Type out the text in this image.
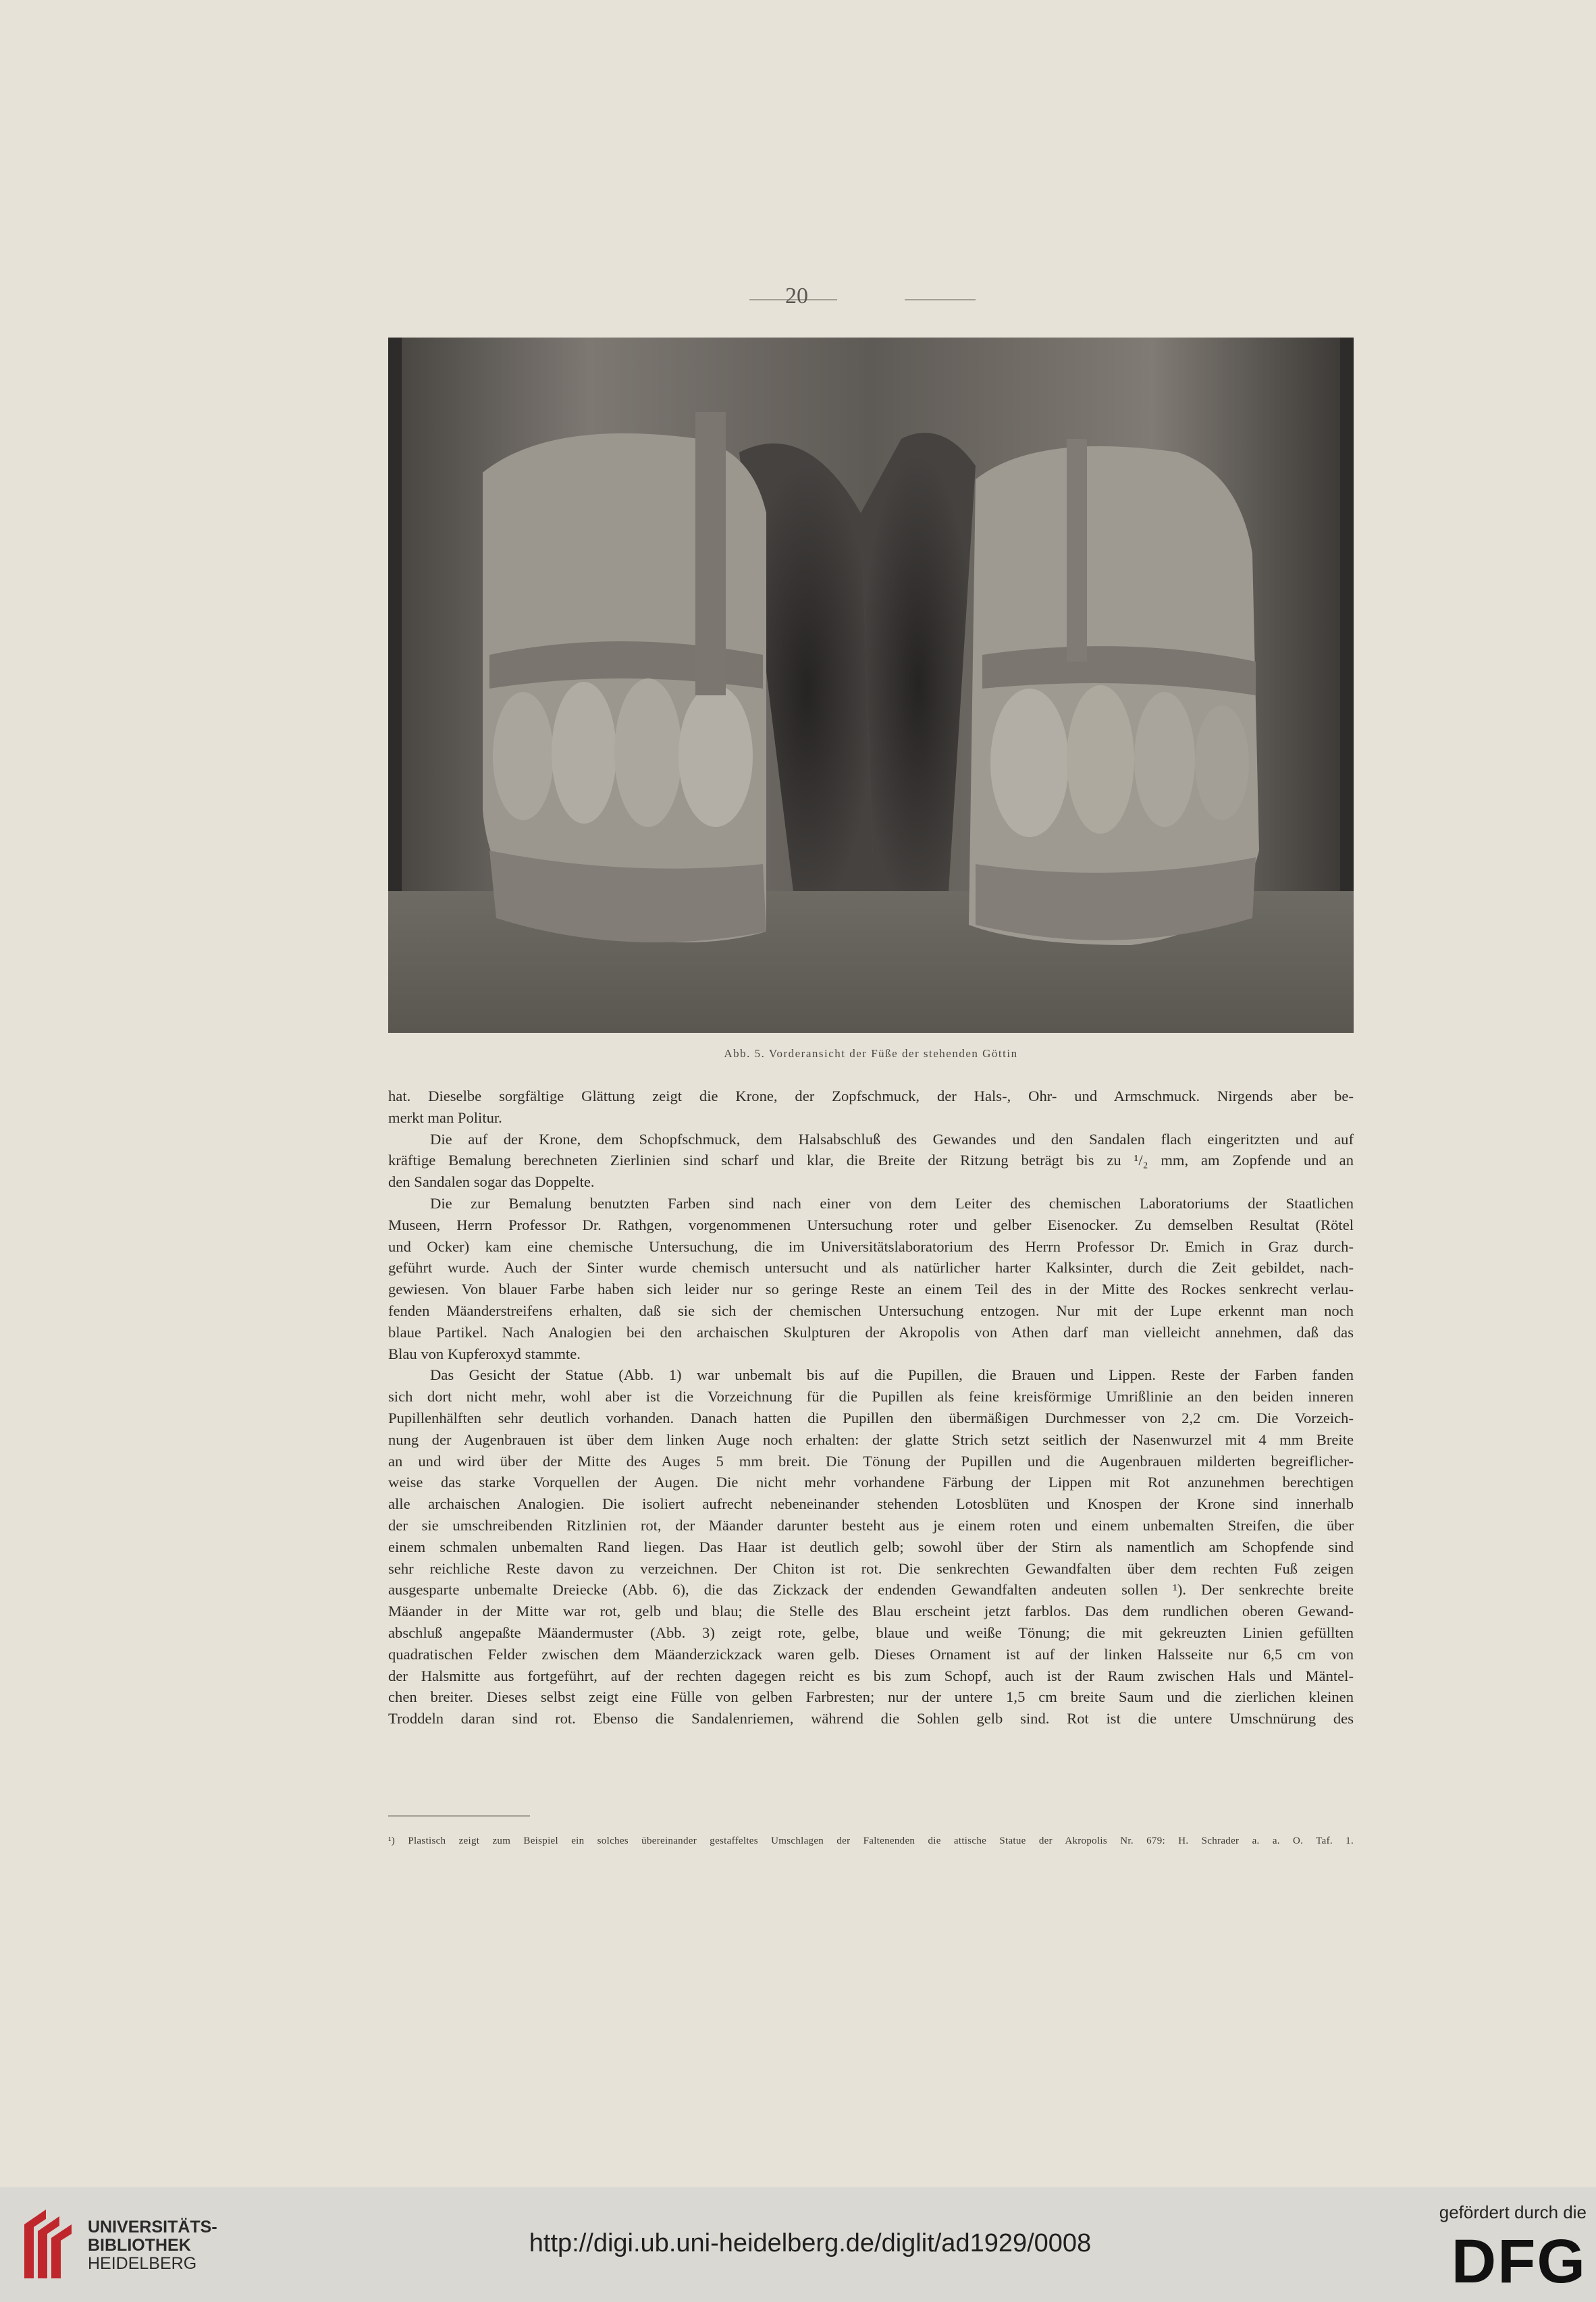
20
Abb. 5. Vorderansicht der Füße der stehenden Göttin
hat. Dieselbe sorgfältige Glättung zeigt die Krone, der Zopfschmuck, der Hals-, Ohr- und Armschmuck. Nirgends aber be-
merkt man Politur.
Die auf der Krone, dem Schopfschmuck, dem Halsabschluß des Gewandes und den Sandalen flach eingeritzten und auf
kräftige Bemalung berechneten Zierlinien sind scharf und klar, die Breite der Ritzung beträgt bis zu ¹/₂ mm, am Zopfende und an
den Sandalen sogar das Doppelte.
Die zur Bemalung benutzten Farben sind nach einer von dem Leiter des chemischen Laboratoriums der Staatlichen
Museen, Herrn Professor Dr. Rathgen, vorgenommenen Untersuchung roter und gelber Eisenocker. Zu demselben Resultat (Rötel
und Ocker) kam eine chemische Untersuchung, die im Universitätslaboratorium des Herrn Professor Dr. Emich in Graz durch-
geführt wurde. Auch der Sinter wurde chemisch untersucht und als natürlicher harter Kalksinter, durch die Zeit gebildet, nach-
gewiesen. Von blauer Farbe haben sich leider nur so geringe Reste an einem Teil des in der Mitte des Rockes senkrecht verlau-
fenden Mäanderstreifens erhalten, daß sie sich der chemischen Untersuchung entzogen. Nur mit der Lupe erkennt man noch
blaue Partikel. Nach Analogien bei den archaischen Skulpturen der Akropolis von Athen darf man vielleicht annehmen, daß das
Blau von Kupferoxyd stammte.
Das Gesicht der Statue (Abb. 1) war unbemalt bis auf die Pupillen, die Brauen und Lippen. Reste der Farben fanden
sich dort nicht mehr, wohl aber ist die Vorzeichnung für die Pupillen als feine kreisförmige Umrißlinie an den beiden inneren
Pupillenhälften sehr deutlich vorhanden. Danach hatten die Pupillen den übermäßigen Durchmesser von 2,2 cm. Die Vorzeich-
nung der Augenbrauen ist über dem linken Auge noch erhalten: der glatte Strich setzt seitlich der Nasenwurzel mit 4 mm Breite
an und wird über der Mitte des Auges 5 mm breit. Die Tönung der Pupillen und die Augenbrauen milderten begreiflicher-
weise das starke Vorquellen der Augen. Die nicht mehr vorhandene Färbung der Lippen mit Rot anzunehmen berechtigen
alle archaischen Analogien. Die isoliert aufrecht nebeneinander stehenden Lotosblüten und Knospen der Krone sind innerhalb
der sie umschreibenden Ritzlinien rot, der Mäander darunter besteht aus je einem roten und einem unbemalten Streifen, die über
einem schmalen unbemalten Rand liegen. Das Haar ist deutlich gelb; sowohl über der Stirn als namentlich am Schopfende sind
sehr reichliche Reste davon zu verzeichnen. Der Chiton ist rot. Die senkrechten Gewandfalten über dem rechten Fuß zeigen
ausgesparte unbemalte Dreiecke (Abb. 6), die das Zickzack der endenden Gewandfalten andeuten sollen ¹). Der senkrechte breite
Mäander in der Mitte war rot, gelb und blau; die Stelle des Blau erscheint jetzt farblos. Das dem rundlichen oberen Gewand-
abschluß angepaßte Mäandermuster (Abb. 3) zeigt rote, gelbe, blaue und weiße Tönung; die mit gekreuzten Linien gefüllten
quadratischen Felder zwischen dem Mäanderzickzack waren gelb. Dieses Ornament ist auf der linken Halsseite nur 6,5 cm von
der Halsmitte aus fortgeführt, auf der rechten dagegen reicht es bis zum Schopf, auch ist der Raum zwischen Hals und Mäntel-
chen breiter. Dieses selbst zeigt eine Fülle von gelben Farbresten; nur der untere 1,5 cm breite Saum und die zierlichen kleinen
Troddeln daran sind rot. Ebenso die Sandalenriemen, während die Sohlen gelb sind. Rot ist die untere Umschnürung des
¹) Plastisch zeigt zum Beispiel ein solches übereinander gestaffeltes Umschlagen der Faltenenden die attische Statue der Akropolis Nr. 679: H. Schrader a. a. O. Taf. 1.
UNIVERSITÄTS-
BIBLIOTHEK
HEIDELBERG
http://digi.ub.uni-heidelberg.de/diglit/ad1929/0008
gefördert durch die
DFG
